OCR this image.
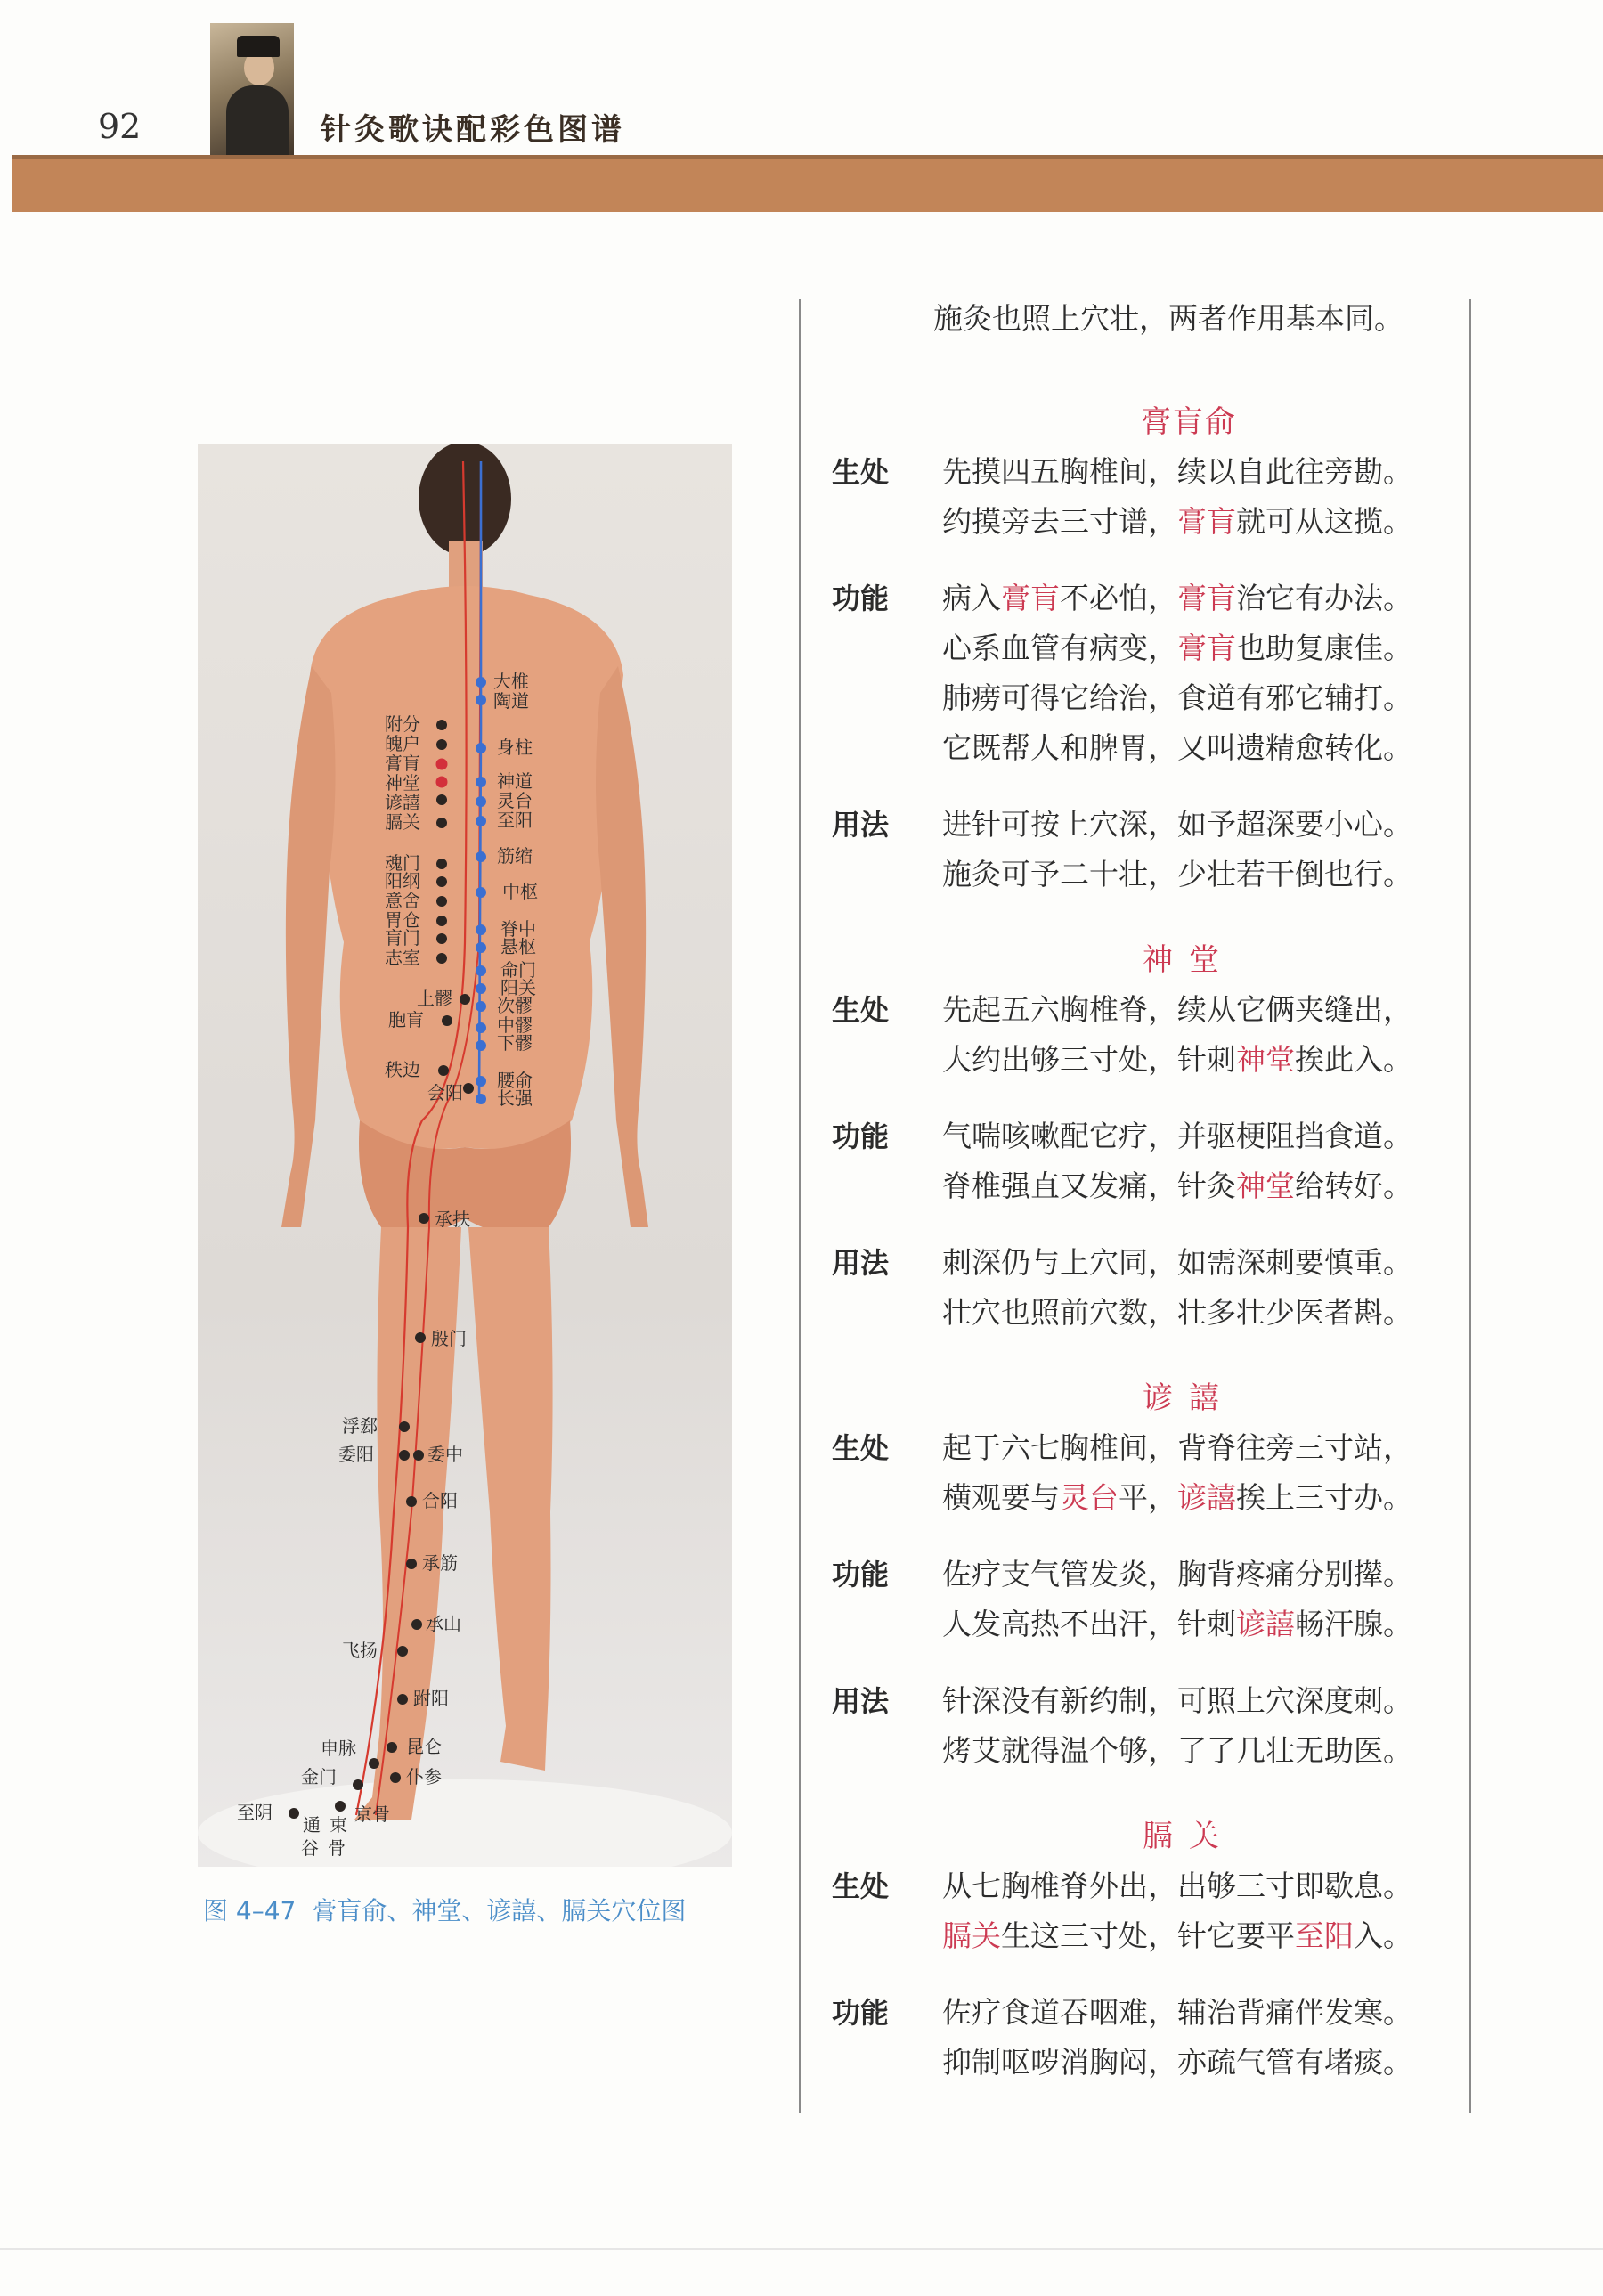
92	针灸歌诀配彩色图谱
附分
魄户
膏肓
神堂
谚譆
膈关
魂门
阳纲
意舍
胃仓
肓门
志室
上髎
胞肓
秩边
会阳
承扶
殷门
浮郄
委阳	委中
合阳
承筋
承山
飞扬
跗阳
昆仑
申脉
仆参
金门
京骨
至阴
通 束
谷 骨
大椎
陶道
身柱
神道
灵台
至阳
筋缩
中枢
脊中
悬枢
命门
阳关
次髎
中髎
下髎
腰俞
长强
图 4–47 膏肓俞、神堂、谚譆、膈关穴位图
施灸也照上穴壮，两者作用基本同。
膏肓俞
生处	先摸四五胸椎间，续以自此往旁勘。
约摸旁去三寸谱，膏肓就可从这揽。
功能	病入膏肓不必怕，膏肓治它有办法。
心系血管有病变，膏肓也助复康佳。
肺痨可得它给治，食道有邪它辅打。
它既帮人和脾胃，又叫遗精愈转化。
用法	进针可按上穴深，如予超深要小心。
施灸可予二十壮，少壮若干倒也行。
神堂
生处	先起五六胸椎脊，续从它俩夹缝出，
大约出够三寸处，针刺神堂挨此入。
功能	气喘咳嗽配它疗，并驱梗阻挡食道。
脊椎强直又发痛，针灸神堂给转好。
用法	刺深仍与上穴同，如需深刺要慎重。
壮穴也照前穴数，壮多壮少医者斟。
谚譆
生处	起于六七胸椎间，背脊往旁三寸站，
横观要与灵台平，谚譆挨上三寸办。
功能	佐疗支气管发炎，胸背疼痛分别撵。
人发高热不出汗，针刺谚譆畅汗腺。
用法	针深没有新约制，可照上穴深度刺。
烤艾就得温个够，了了几壮无助医。
膈关
生处	从七胸椎脊外出，出够三寸即歇息。
膈关生这三寸处，针它要平至阳入。
功能	佐疗食道吞咽难，辅治背痛伴发寒。
抑制呕哕消胸闷，亦疏气管有堵痰。
